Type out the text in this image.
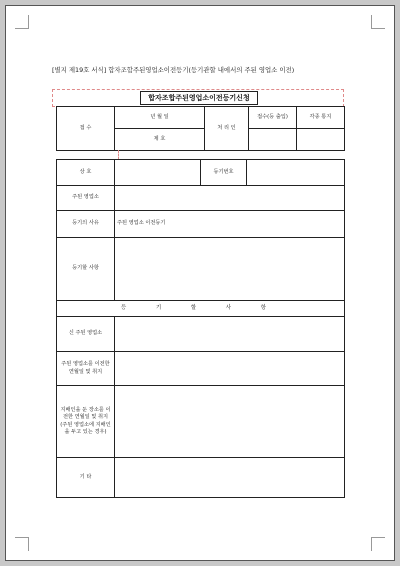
[별지 제19호 서식] 합자조합주된영업소이전등기(등기관할 내에서의 주된 영업소 이전)
합자조합주된영업소이전등기신청
접 수	년 월 일	처 리 인	접수(등 출입)	각종 통지
	제 호			
상 호		등기번호	
주된 영업소			
등기의 사유	주된 영업소 이전등기		
등기할 사항			
등 기 할 사 항	
신 주된 영업소	
주된 영업소를 이전한 연월일 및 취지	
지배인을 둔 장소를 이전한 연월일 및 취지 (주된 영업소에 지배인을 두고 있는 경우)	
기 타	
